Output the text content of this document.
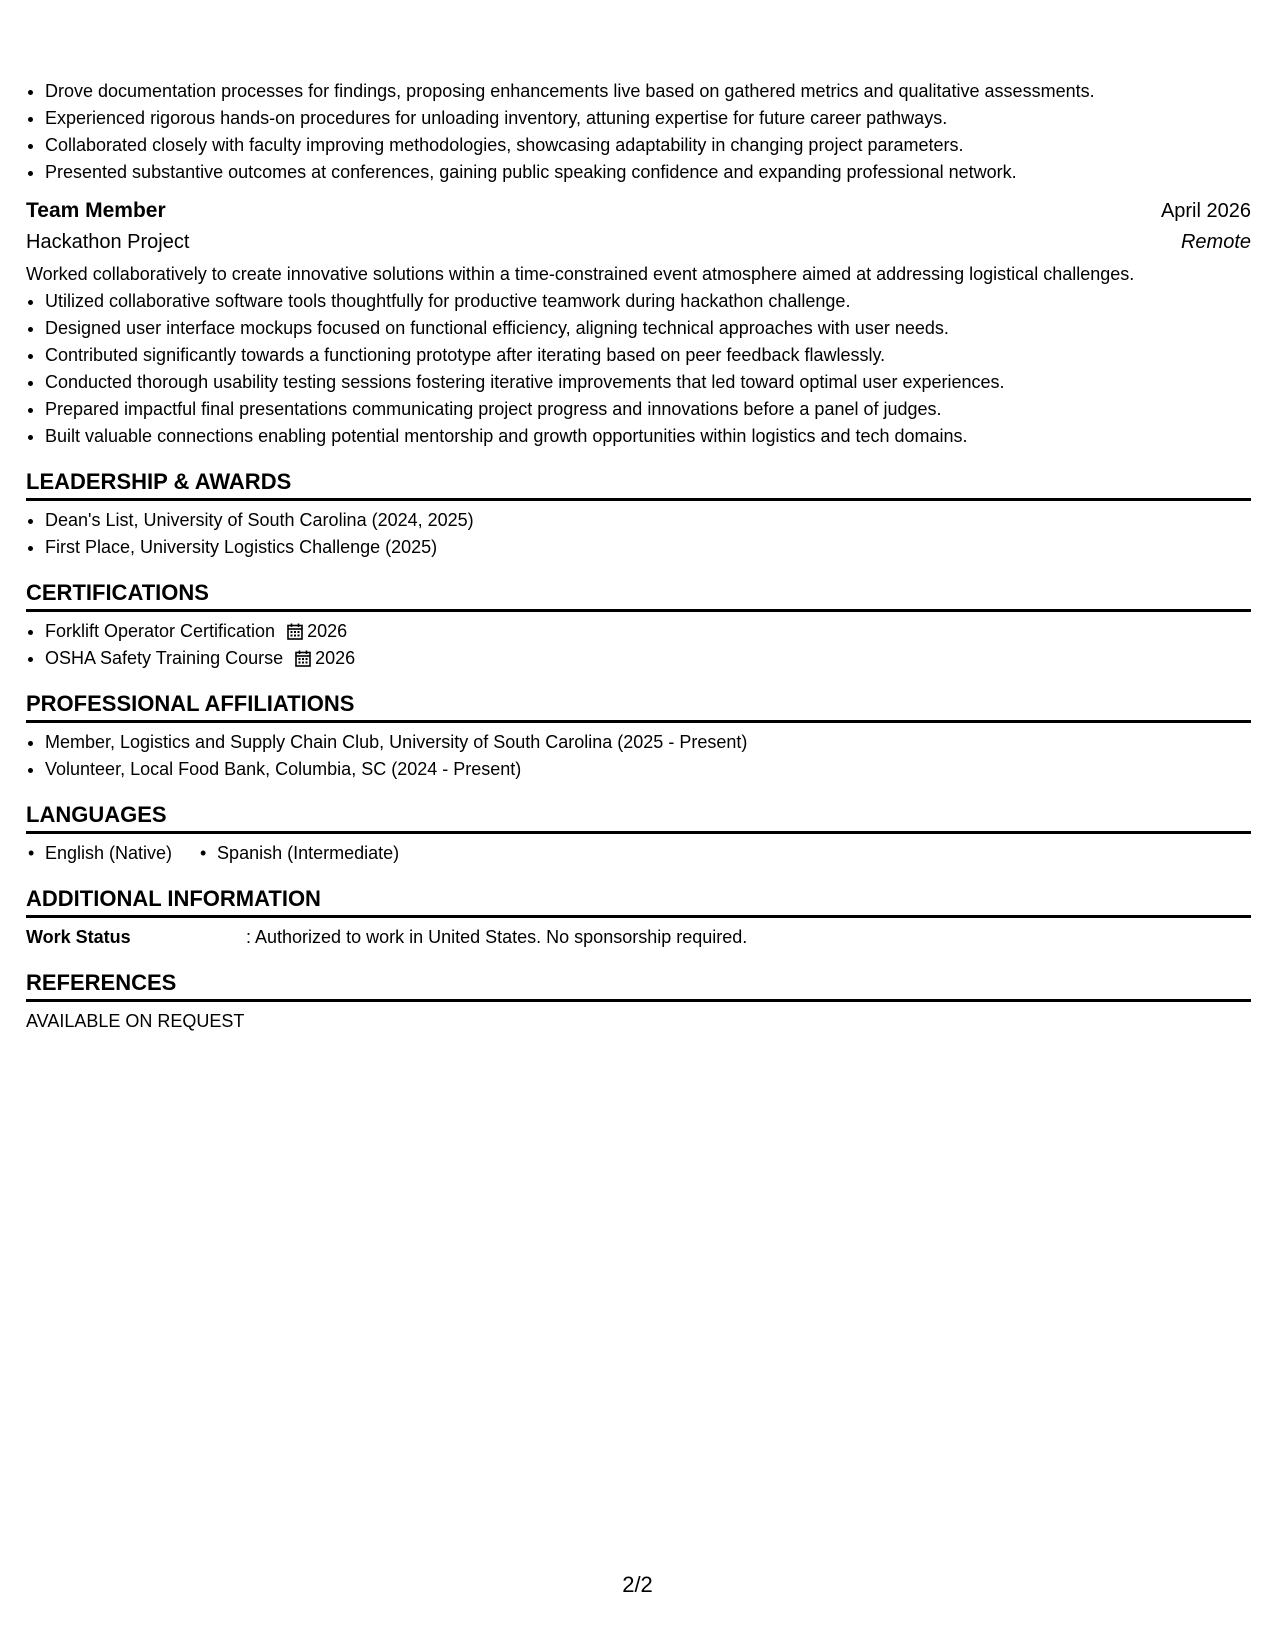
• Drove documentation processes for findings, proposing enhancements live based on gathered metrics and qualitative assessments.
• Experienced rigorous hands-on procedures for unloading inventory, attuning expertise for future career pathways.
• Collaborated closely with faculty improving methodologies, showcasing adaptability in changing project parameters.
• Presented substantive outcomes at conferences, gaining public speaking confidence and expanding professional network.
Team Member	April 2026
Hackathon Project	Remote
Worked collaboratively to create innovative solutions within a time-constrained event atmosphere aimed at addressing logistical challenges.
• Utilized collaborative software tools thoughtfully for productive teamwork during hackathon challenge.
• Designed user interface mockups focused on functional efficiency, aligning technical approaches with user needs.
• Contributed significantly towards a functioning prototype after iterating based on peer feedback flawlessly.
• Conducted thorough usability testing sessions fostering iterative improvements that led toward optimal user experiences.
• Prepared impactful final presentations communicating project progress and innovations before a panel of judges.
• Built valuable connections enabling potential mentorship and growth opportunities within logistics and tech domains.
LEADERSHIP & AWARDS
• Dean's List, University of South Carolina (2024, 2025)
• First Place, University Logistics Challenge (2025)
CERTIFICATIONS
• Forklift Operator Certification 2026
• OSHA Safety Training Course 2026
PROFESSIONAL AFFILIATIONS
• Member, Logistics and Supply Chain Club, University of South Carolina (2025 - Present)
• Volunteer, Local Food Bank, Columbia, SC (2024 - Present)
LANGUAGES
• English (Native)
•	Spanish (Intermediate)
ADDITIONAL INFORMATION
Work Status	: Authorized to work in United States. No sponsorship required.
REFERENCES
AVAILABLE ON REQUEST
2/2
